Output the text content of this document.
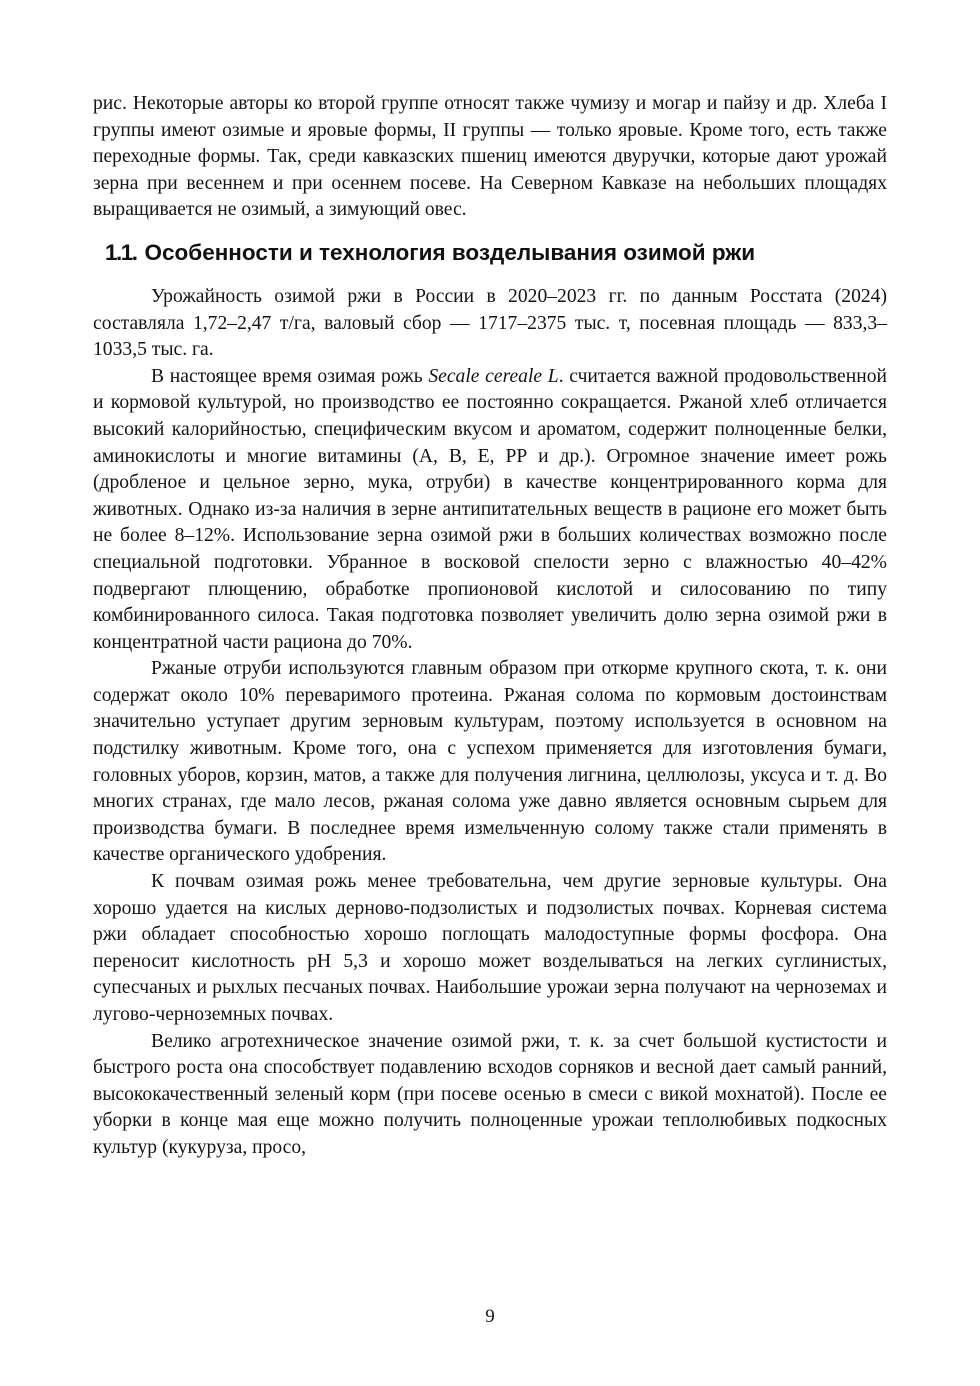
рис. Некоторые авторы ко второй группе относят также чумизу и могар и пайзу и др. Хлеба I группы имеют озимые и яровые формы, II группы — только яровые. Кроме того, есть также переходные формы. Так, среди кавказских пшениц имеются двуручки, которые дают урожай зерна при весеннем и при осеннем посеве. На Северном Кавказе на небольших площадях выращивается не озимый, а зимующий овес.

1.1. Особенности и технология возделывания озимой ржи

Урожайность озимой ржи в России в 2020–2023 гг. по данным Росстата (2024) составляла 1,72–2,47 т/га, валовый сбор — 1717–2375 тыс. т, посевная площадь — 833,3–1033,5 тыс. га.

В настоящее время озимая рожь Secale cereale L. считается важной продовольственной и кормовой культурой, но производство ее постоянно сокращается. Ржаной хлеб отличается высокий калорийностью, специфическим вкусом и ароматом, содержит полноценные белки, аминокислоты и многие витамины (А, В, Е, РР и др.). Огромное значение имеет рожь (дробленое и цельное зерно, мука, отруби) в качестве концентрированного корма для животных. Однако из-за наличия в зерне антипитательных веществ в рационе его может быть не более 8–12%. Использование зерна озимой ржи в больших количествах возможно после специальной подготовки. Убранное в восковой спелости зерно с влажностью 40–42% подвергают плющению, обработке пропионовой кислотой и силосованию по типу комбинированного силоса. Такая подготовка позволяет увеличить долю зерна озимой ржи в концентратной части рациона до 70%.

Ржаные отруби используются главным образом при откорме крупного скота, т. к. они содержат около 10% переваримого протеина. Ржаная солома по кормовым достоинствам значительно уступает другим зерновым культурам, поэтому используется в основном на подстилку животным. Кроме того, она с успехом применяется для изготовления бумаги, головных уборов, корзин, матов, а также для получения лигнина, целлюлозы, уксуса и т. д. Во многих странах, где мало лесов, ржаная солома уже давно является основным сырьем для производства бумаги. В последнее время измельченную солому также стали применять в качестве органического удобрения.

К почвам озимая рожь менее требовательна, чем другие зерновые культуры. Она хорошо удается на кислых дерново-подзолистых и подзолистых почвах. Корневая система ржи обладает способностью хорошо поглощать малодоступные формы фосфора. Она переносит кислотность pH 5,3 и хорошо может возделываться на легких суглинистых, супесчаных и рыхлых песчаных почвах. Наибольшие урожаи зерна получают на черноземах и лугово-черноземных почвах.

Велико агротехническое значение озимой ржи, т. к. за счет большой кустистости и быстрого роста она способствует подавлению всходов сорняков и весной дает самый ранний, высококачественный зеленый корм (при посеве осенью в смеси с викой мохнатой). После ее уборки в конце мая еще можно получить полноценные урожаи теплолюбивых подкосных культур (кукуруза, просо,

9
